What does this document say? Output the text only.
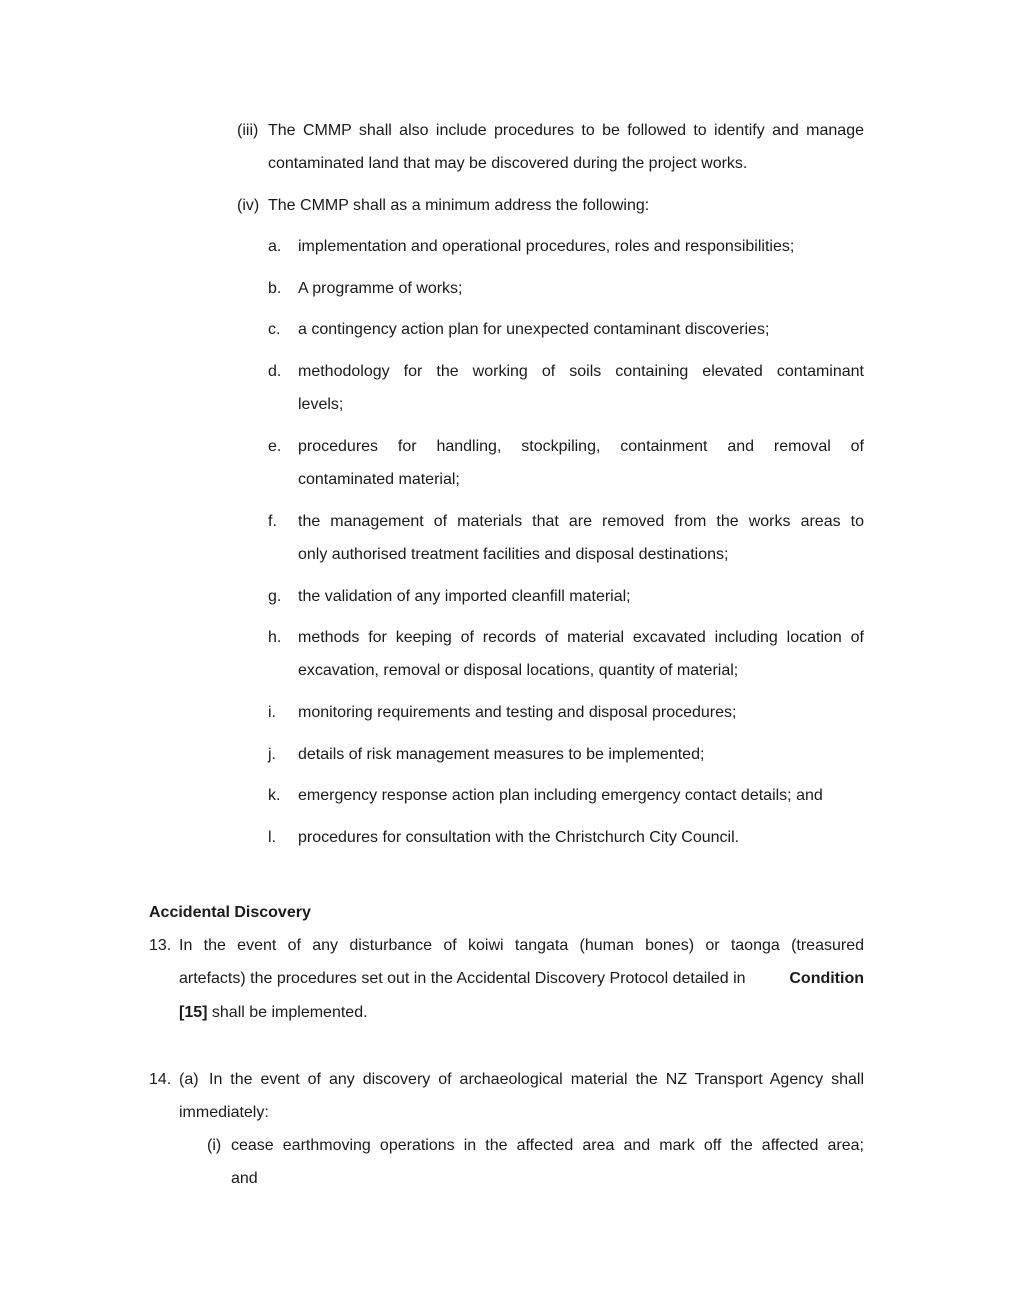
(iii) The CMMP shall also include procedures to be followed to identify and manage
contaminated land that may be discovered during the project works.
(iv) The CMMP shall as a minimum address the following:
a. implementation and operational procedures, roles and responsibilities;
b. A programme of works;
c. a contingency action plan for unexpected contaminant discoveries;
d. methodology for the working of soils containing elevated contaminant
levels;
e. procedures for handling, stockpiling, containment and removal of
contaminated material;
f. the management of materials that are removed from the works areas to
only authorised treatment facilities and disposal destinations;
g. the validation of any imported cleanfill material;
h. methods for keeping of records of material excavated including location of
excavation, removal or disposal locations, quantity of material;
i. monitoring requirements and testing and disposal procedures;
j. details of risk management measures to be implemented;
k. emergency response action plan including emergency contact details; and
l. procedures for consultation with the Christchurch City Council.
Accidental Discovery
13. In the event of any disturbance of koiwi tangata (human bones) or taonga (treasured
artefacts) the procedures set out in the Accidental Discovery Protocol detailed in Condition
[15] shall be implemented.
14. (a) In the event of any discovery of archaeological material the NZ Transport Agency shall
immediately:
(i) cease earthmoving operations in the affected area and mark off the affected area;
and
